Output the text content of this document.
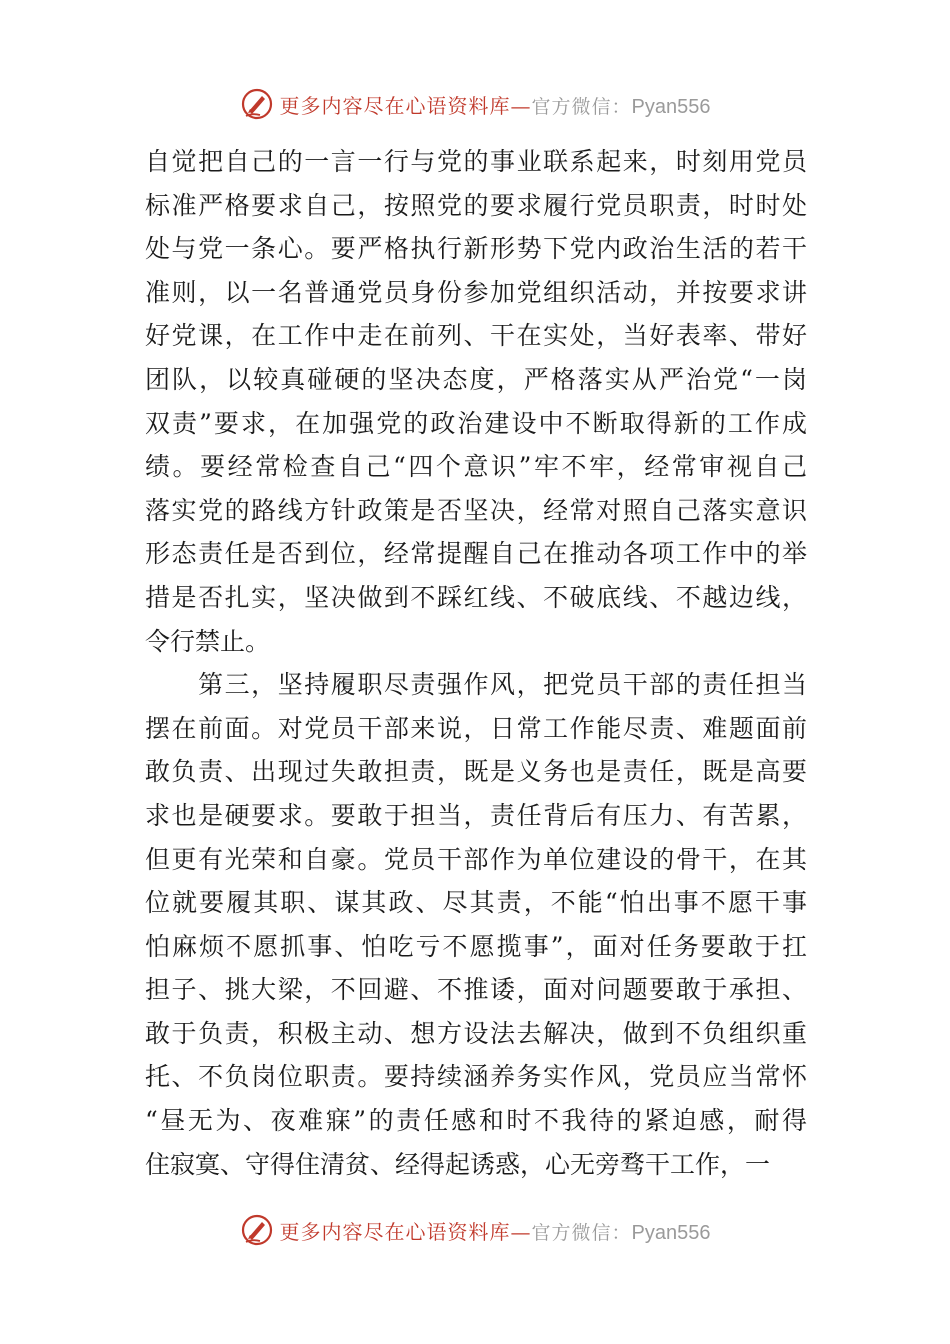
更多内容尽在心语资料库—官方微信：Pyan556
自觉把自己的一言一行与党的事业联系起来，时刻用党员
标准严格要求自己，按照党的要求履行党员职责，时时处
处与党一条心。要严格执行新形势下党内政治生活的若干
准则，以一名普通党员身份参加党组织活动，并按要求讲
好党课，在工作中走在前列、干在实处，当好表率、带好
团队，以较真碰硬的坚决态度，严格落实从严治党“一岗
双责”要求，在加强党的政治建设中不断取得新的工作成
绩。要经常检查自己“四个意识”牢不牢，经常审视自己
落实党的路线方针政策是否坚决，经常对照自己落实意识
形态责任是否到位，经常提醒自己在推动各项工作中的举
措是否扎实，坚决做到不踩红线、不破底线、不越边线，
令行禁止。
　　第三，坚持履职尽责强作风，把党员干部的责任担当
摆在前面。对党员干部来说，日常工作能尽责、难题面前
敢负责、出现过失敢担责，既是义务也是责任，既是高要
求也是硬要求。要敢于担当，责任背后有压力、有苦累，
但更有光荣和自豪。党员干部作为单位建设的骨干，在其
位就要履其职、谋其政、尽其责，不能“怕出事不愿干事
怕麻烦不愿抓事、怕吃亏不愿揽事”，面对任务要敢于扛
担子、挑大梁，不回避、不推诿，面对问题要敢于承担、
敢于负责，积极主动、想方设法去解决，做到不负组织重
托、不负岗位职责。要持续涵养务实作风，党员应当常怀
“昼无为、夜难寐”的责任感和时不我待的紧迫感，耐得
住寂寞、守得住清贫、经得起诱惑，心无旁骛干工作，一
更多内容尽在心语资料库—官方微信：Pyan556
